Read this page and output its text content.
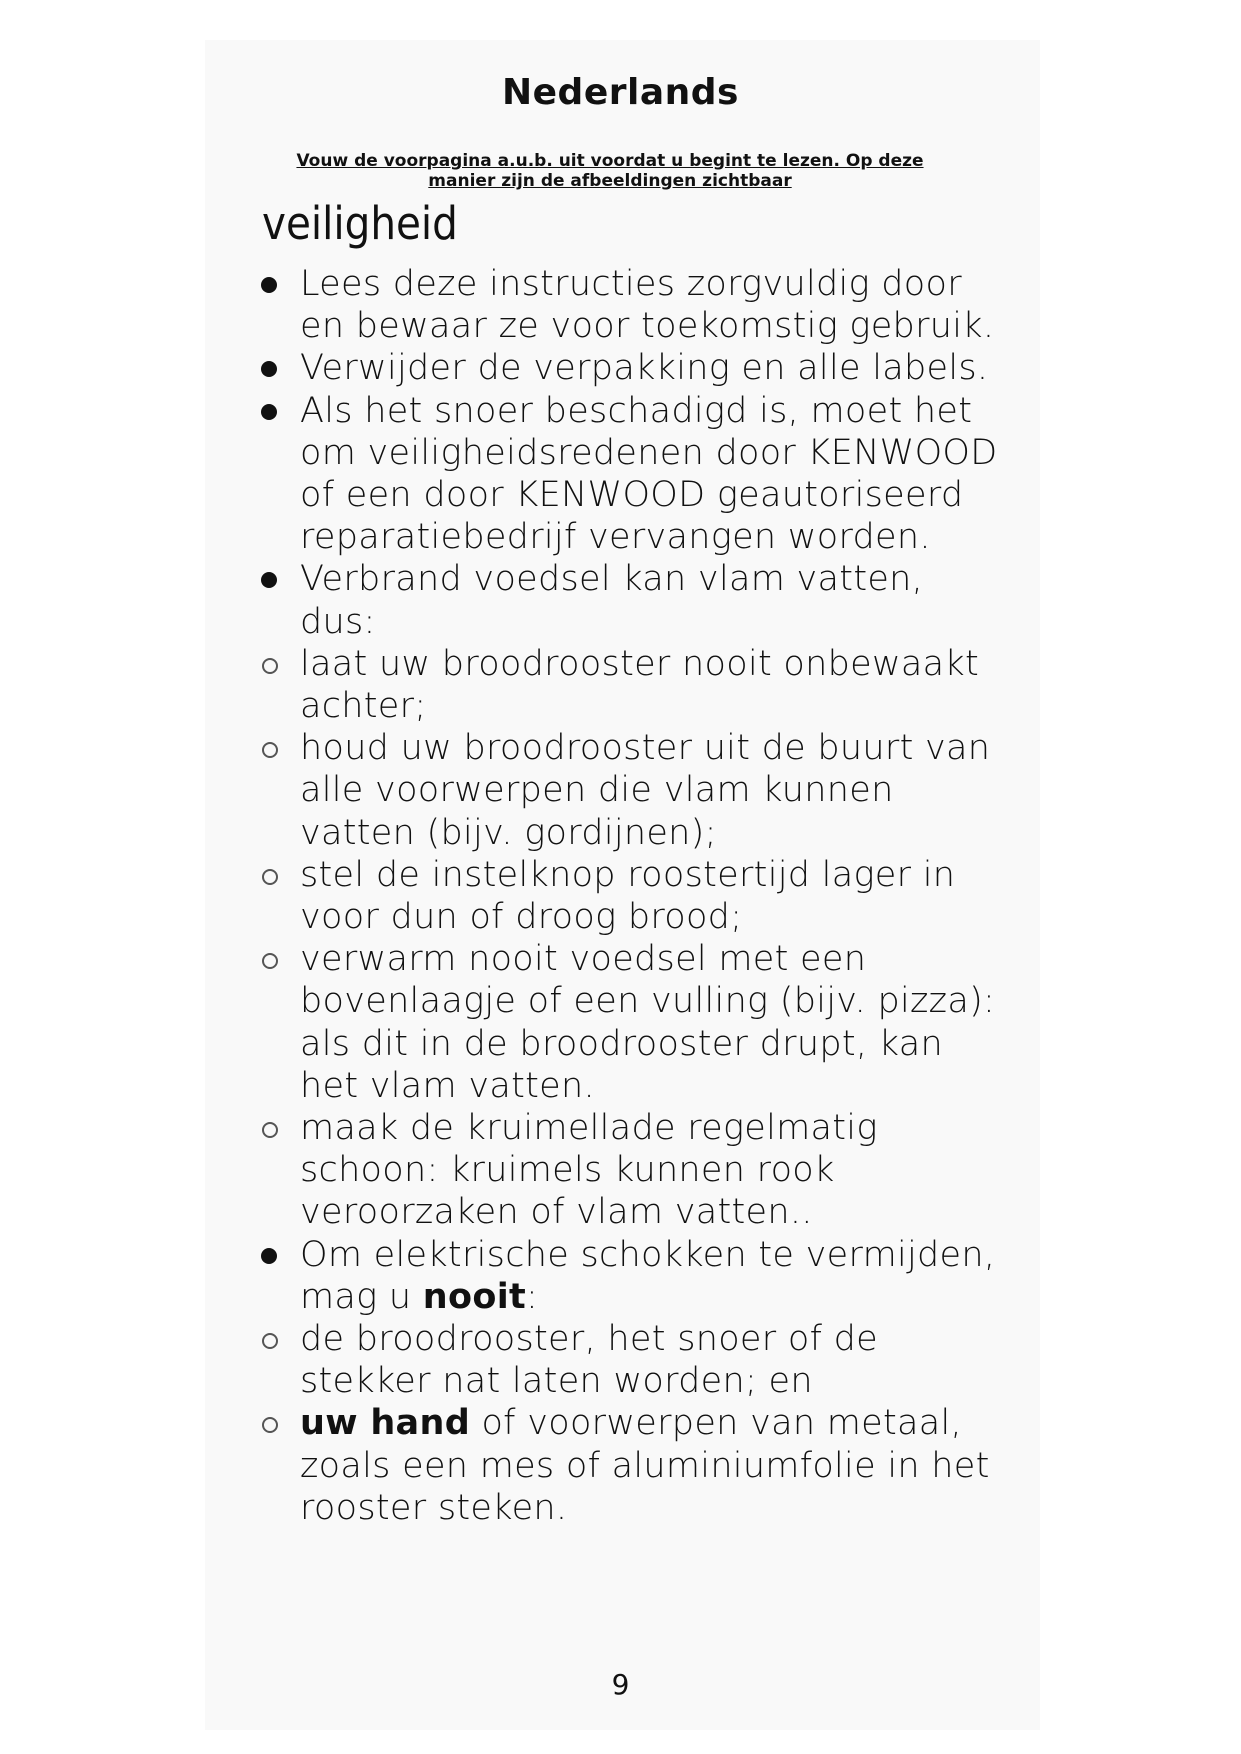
Nederlands
Vouw de voorpagina a.u.b. uit voordat u begint te lezen. Op deze manier zijn de afbeeldingen zichtbaar
veiligheid
Lees deze instructies zorgvuldig door en bewaar ze voor toekomstig gebruik.
Verwijder de verpakking en alle labels.
Als het snoer beschadigd is, moet het om veiligheidsredenen door KENWOOD of een door KENWOOD geautoriseerd reparatiebedrijf vervangen worden.
Verbrand voedsel kan vlam vatten, dus:
laat uw broodrooster nooit onbewaakt achter;
houd uw broodrooster uit de buurt van alle voorwerpen die vlam kunnen vatten (bijv. gordijnen);
stel de instelknop roostertijd lager in voor dun of droog brood;
verwarm nooit voedsel met een bovenlaagje of een vulling (bijv. pizza): als dit in de broodrooster drupt, kan het vlam vatten.
maak de kruimellade regelmatig schoon: kruimels kunnen rook veroorzaken of vlam vatten..
Om elektrische schokken te vermijden, mag u nooit:
de broodrooster, het snoer of de stekker nat laten worden; en
uw hand of voorwerpen van metaal, zoals een mes of aluminiumfolie in het rooster steken.
9
